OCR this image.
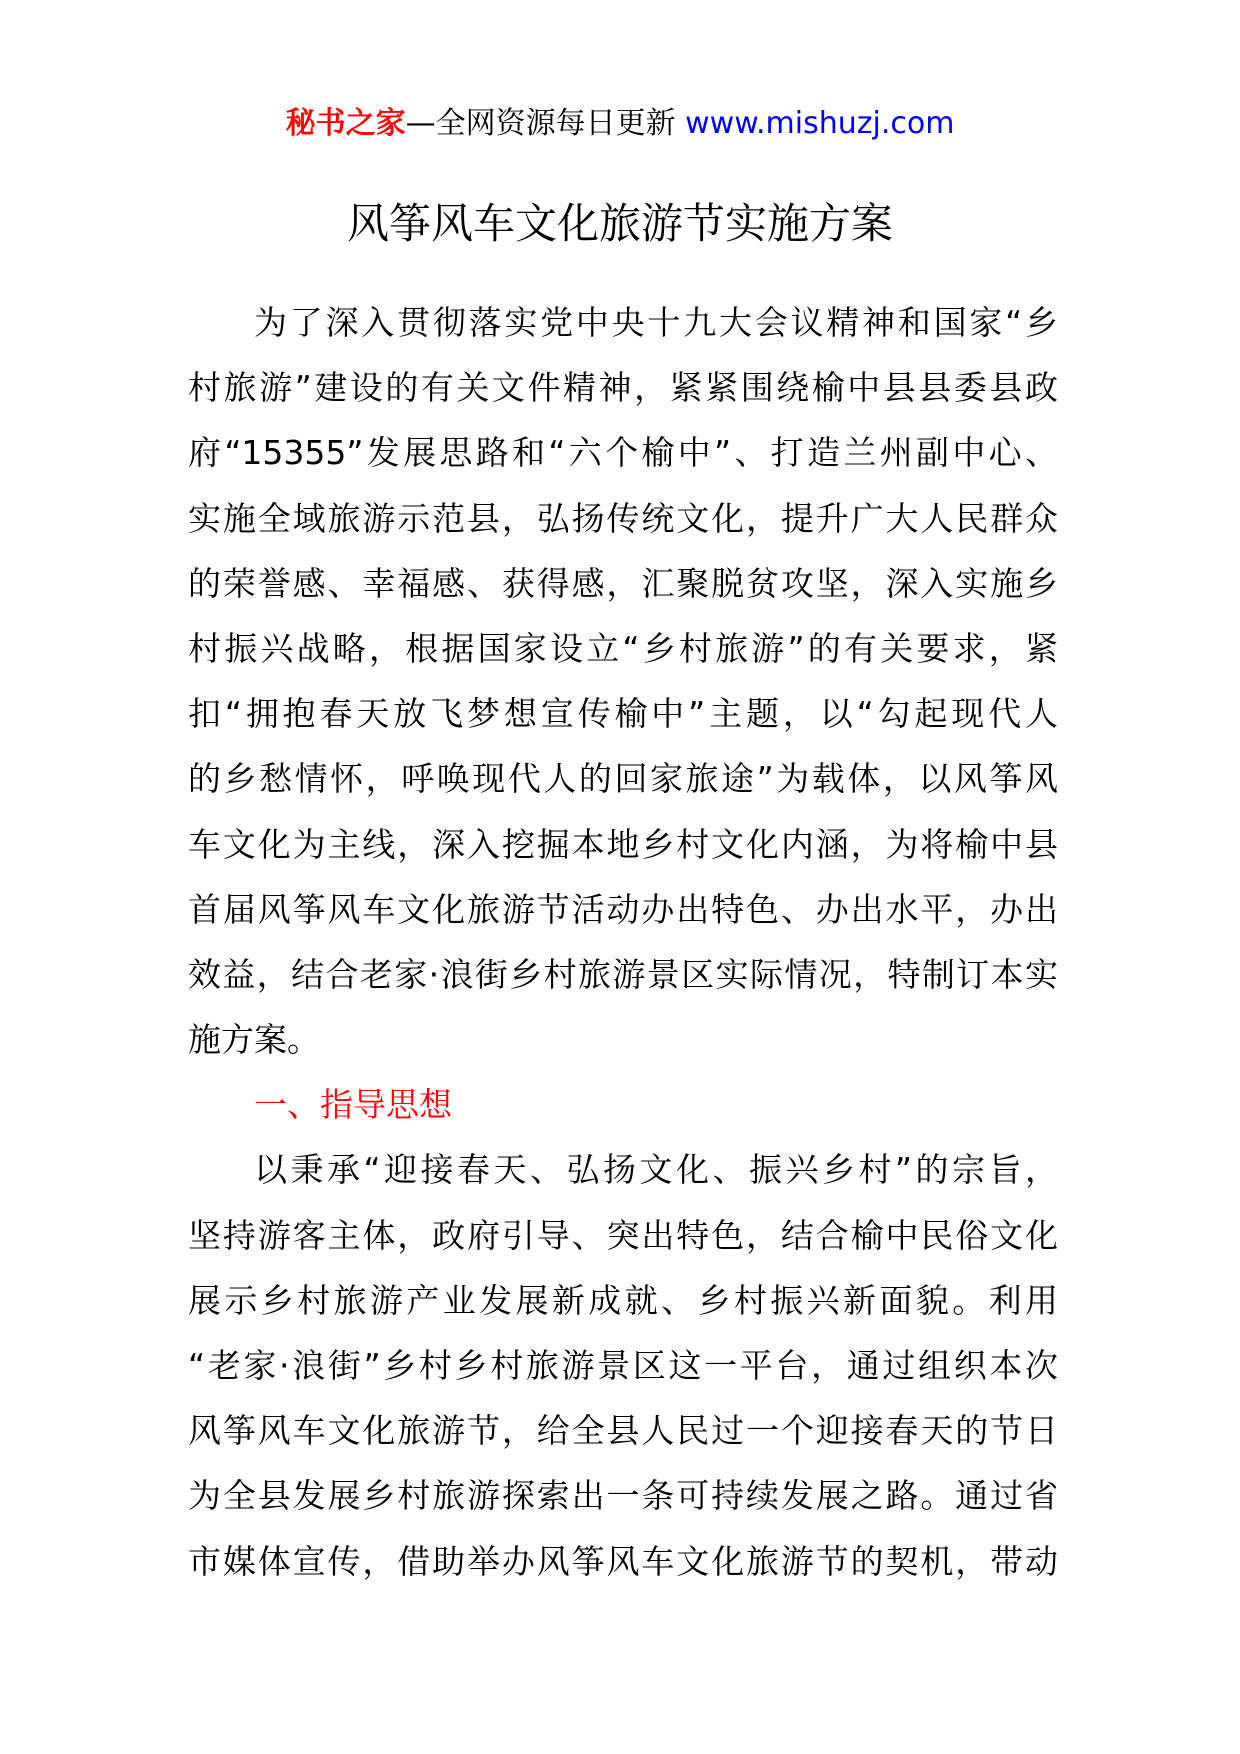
秘书之家—全网资源每日更新 www.mishuzj.com
风筝风车文化旅游节实施方案
为了深入贯彻落实党中央十九大会议精神和国家“乡
村旅游”建设的有关文件精神，紧紧围绕榆中县县委县政
府“15355”发展思路和“六个榆中”、打造兰州副中心、
实施全域旅游示范县，弘扬传统文化，提升广大人民群众
的荣誉感、幸福感、获得感，汇聚脱贫攻坚，深入实施乡
村振兴战略，根据国家设立“乡村旅游”的有关要求，紧
扣“拥抱春天放飞梦想宣传榆中”主题，以“勾起现代人
的乡愁情怀，呼唤现代人的回家旅途”为载体，以风筝风
车文化为主线，深入挖掘本地乡村文化内涵，为将榆中县
首届风筝风车文化旅游节活动办出特色、办出水平，办出
效益，结合老家·浪街乡村旅游景区实际情况，特制订本实
施方案。
一、指导思想
以秉承“迎接春天、弘扬文化、振兴乡村”的宗旨，
坚持游客主体，政府引导、突出特色，结合榆中民俗文化
展示乡村旅游产业发展新成就、乡村振兴新面貌。利用
“老家·浪街”乡村乡村旅游景区这一平台，通过组织本次
风筝风车文化旅游节，给全县人民过一个迎接春天的节日
为全县发展乡村旅游探索出一条可持续发展之路。通过省
市媒体宣传，借助举办风筝风车文化旅游节的契机，带动
